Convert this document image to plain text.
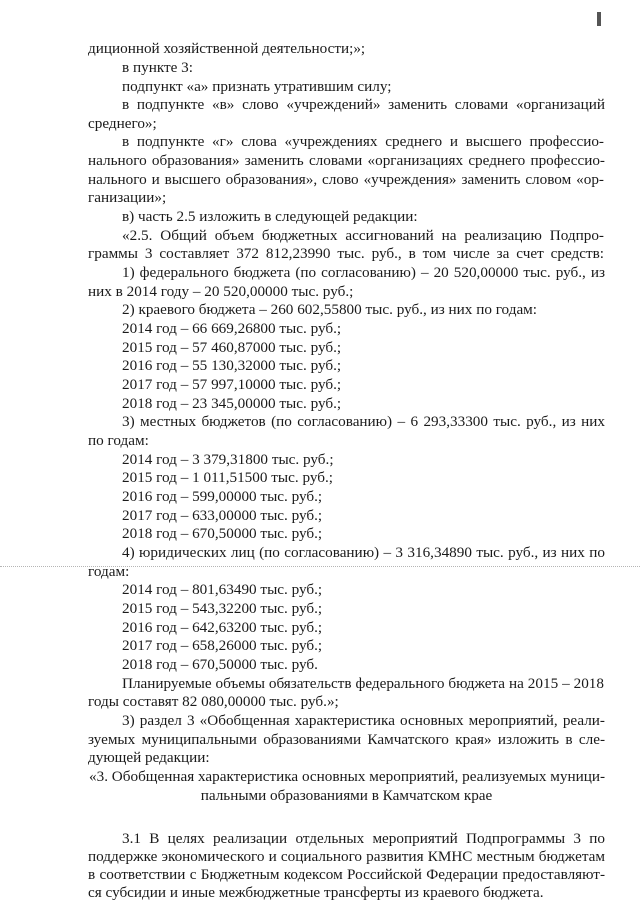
диционной хозяйственной деятельности;»;
в пункте 3:
подпункт «а» признать утратившим силу;
в подпункте «в» слово «учреждений» заменить словами «организаций
среднего»;
в подпункте «г» слова «учреждениях среднего и высшего профессио-
нального образования» заменить словами «организациях среднего профессио-
нального и высшего образования», слово «учреждения» заменить словом «ор-
ганизации»;
в) часть 2.5 изложить в следующей редакции:
«2.5. Общий объем бюджетных ассигнований на реализацию Подпро-
граммы 3 составляет 372 812,23990 тыс. руб., в том числе за счет средств:
1) федерального бюджета (по согласованию) – 20 520,00000 тыс. руб., из
них в 2014 году – 20 520,00000 тыс. руб.;
2) краевого бюджета – 260 602,55800 тыс. руб., из них по годам:
2014 год – 66 669,26800 тыс. руб.;
2015 год – 57 460,87000 тыс. руб.;
2016 год – 55 130,32000 тыс. руб.;
2017 год – 57 997,10000 тыс. руб.;
2018 год – 23 345,00000 тыс. руб.;
3) местных бюджетов (по согласованию) – 6 293,33300 тыс. руб., из них
по годам:
2014 год – 3 379,31800 тыс. руб.;
2015 год – 1 011,51500 тыс. руб.;
2016 год – 599,00000 тыс. руб.;
2017 год – 633,00000 тыс. руб.;
2018 год – 670,50000 тыс. руб.;
4) юридических лиц (по согласованию) – 3 316,34890 тыс. руб., из них по
годам:
2014 год – 801,63490 тыс. руб.;
2015 год – 543,32200 тыс. руб.;
2016 год – 642,63200 тыс. руб.;
2017 год – 658,26000 тыс. руб.;
2018 год – 670,50000 тыс. руб.
Планируемые объемы обязательств федерального бюджета на 2015 – 2018
годы составят 82 080,00000 тыс. руб.»;
3) раздел 3 «Обобщенная характеристика основных мероприятий, реали-
зуемых муниципальными образованиями Камчатского края» изложить в сле-
дующей редакции:
«3. Обобщенная характеристика основных мероприятий, реализуемых муници-
пальными образованиями в Камчатском крае
3.1 В целях реализации отдельных мероприятий Подпрограммы 3 по
поддержке экономического и социального развития КМНС местным бюджетам
в соответствии с Бюджетным кодексом Российской Федерации предоставляют-
ся субсидии и иные межбюджетные трансферты из краевого бюджета.
